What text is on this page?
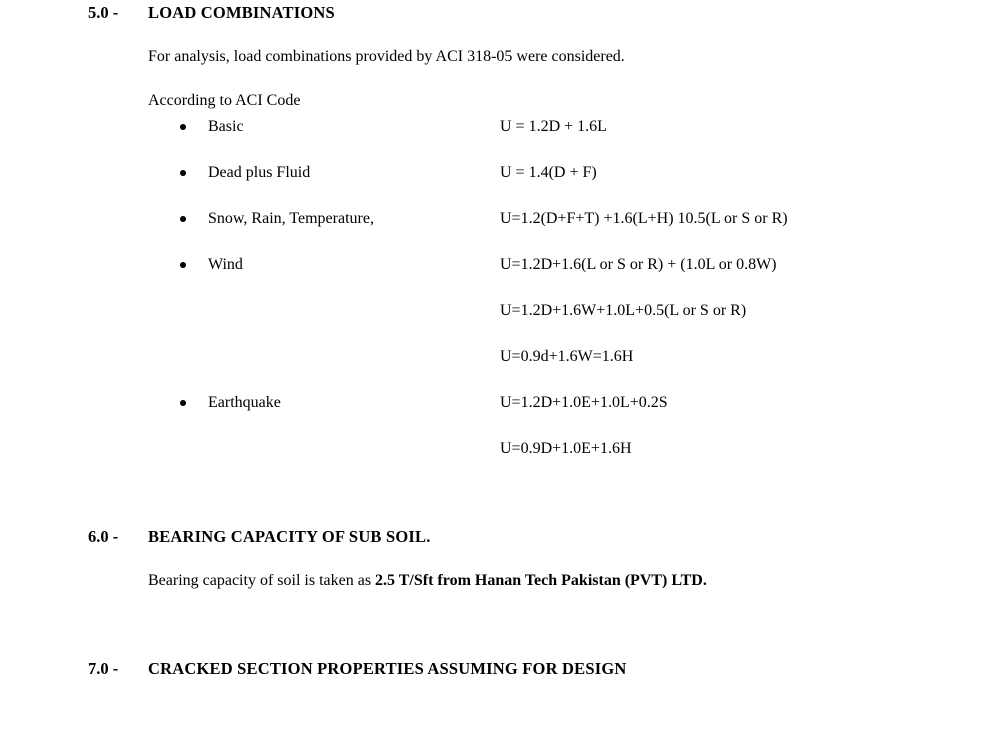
5.0 -	LOAD COMBINATIONS

For analysis, load combinations provided by ACI 318-05 were considered.

According to ACI Code

Basic	U = 1.2D + 1.6L
Dead plus Fluid	U = 1.4(D + F)
Snow, Rain, Temperature,	U=1.2(D+F+T) +1.6(L+H) 10.5(L or S or R)
Wind	U=1.2D+1.6(L or S or R) + (1.0L or 0.8W)
U=1.2D+1.6W+1.0L+0.5(L or S or R)
U=0.9d+1.6W=1.6H
Earthquake	U=1.2D+1.0E+1.0L+0.2S
U=0.9D+1.0E+1.6H
6.0 -	BEARING CAPACITY OF SUB SOIL.

Bearing capacity of soil is taken as 2.5 T/Sft from Hanan Tech Pakistan (PVT) LTD.

7.0 -	CRACKED SECTION PROPERTIES ASSUMING FOR DESIGN
